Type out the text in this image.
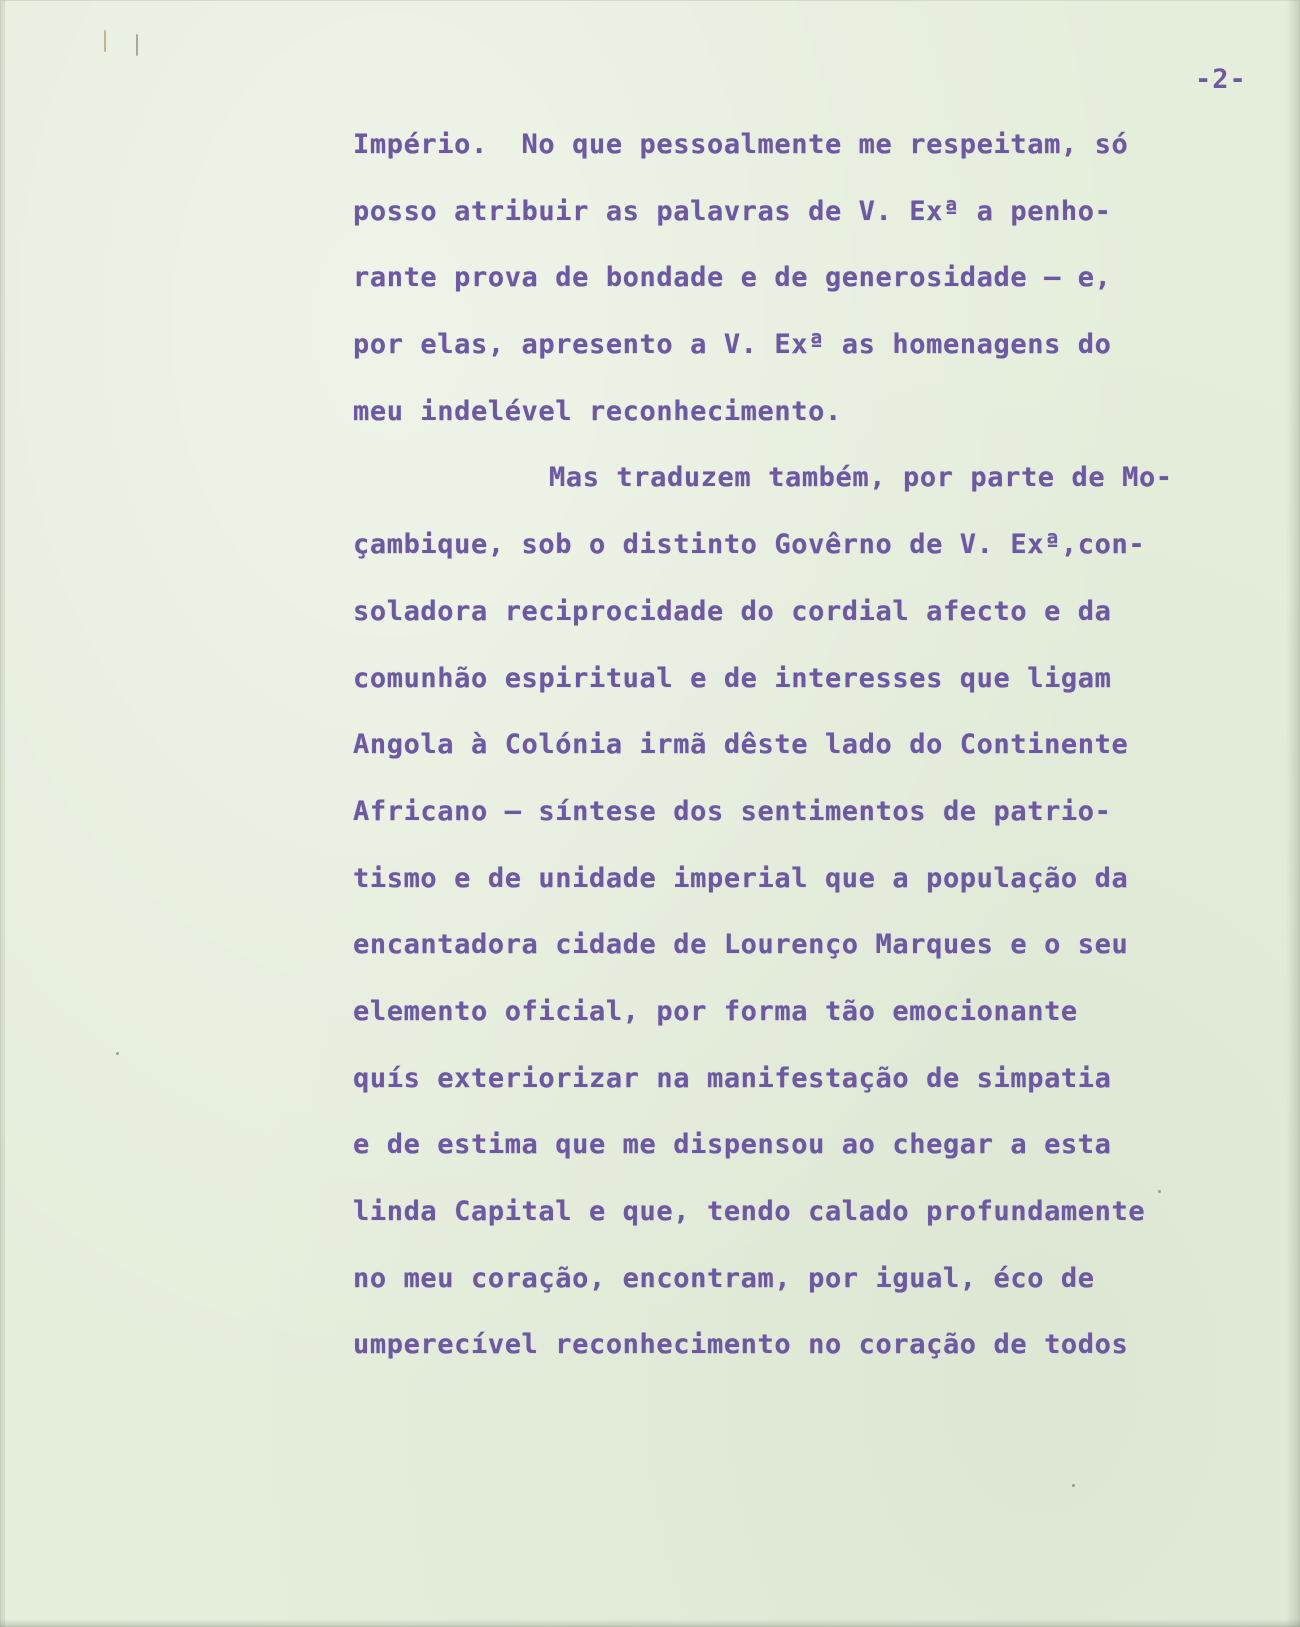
-2-
Império.  No que pessoalmente me respeitam, só
posso atribuir as palavras de V. Exª a penho-
rante prova de bondade e de generosidade — e,
por elas, apresento a V. Exª as homenagens do
meu indelével reconhecimento.
Mas traduzem também, por parte de Mo-
çambique, sob o distinto Govêrno de V. Exª,con-
soladora reciprocidade do cordial afecto e da
comunhão espiritual e de interesses que ligam
Angola à Colónia irmã dêste lado do Continente
Africano — síntese dos sentimentos de patrio-
tismo e de unidade imperial que a população da
encantadora cidade de Lourenço Marques e o seu
elemento oficial, por forma tão emocionante
quís exteriorizar na manifestação de simpatia
e de estima que me dispensou ao chegar a esta
linda Capital e que, tendo calado profundamente
no meu coração, encontram, por igual, éco de
umperecível reconhecimento no coração de todos
